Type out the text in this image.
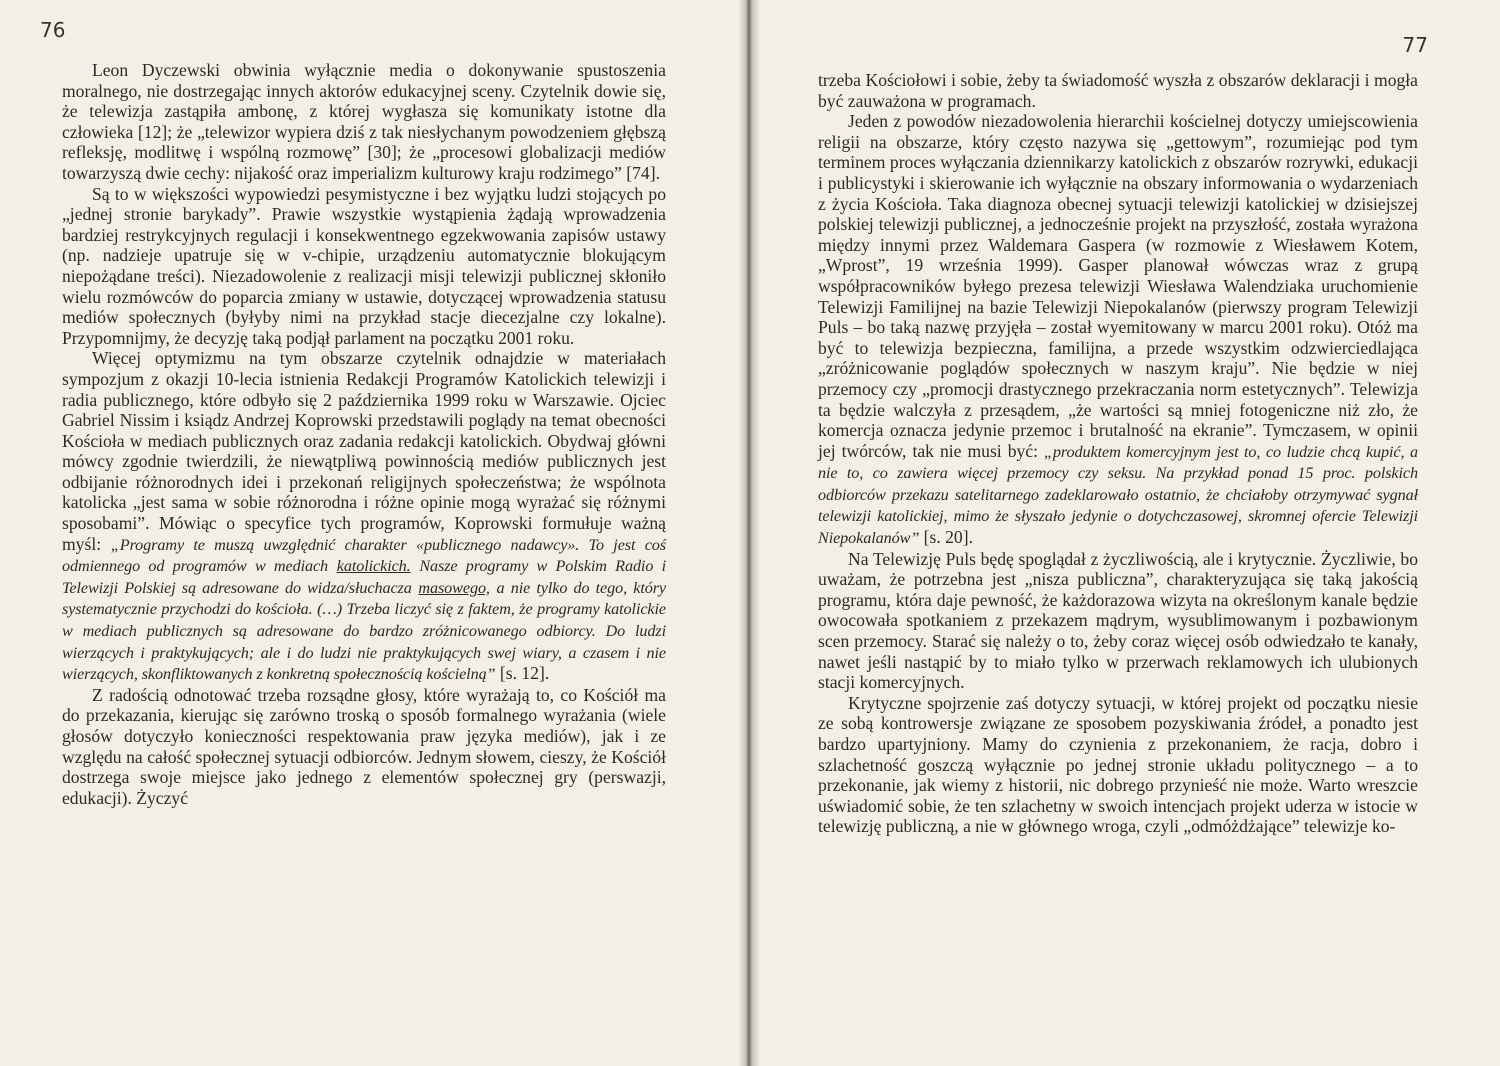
76

Leon Dyczewski obwinia wyłącznie media o dokonywanie spustoszenia moralnego, nie dostrzegając innych aktorów edukacyjnej sceny. Czytelnik dowie się, że telewizja zastąpiła ambonę, z której wygłasza się komunikaty istotne dla człowieka [12]; że „telewizor wypiera dziś z tak niesłychanym powodzeniem głębszą refleksję, modlitwę i wspólną rozmowę” [30]; że „procesowi globalizacji mediów towarzyszą dwie cechy: nijakość oraz imperializm kulturowy kraju rodzimego” [74].

Są to w większości wypowiedzi pesymistyczne i bez wyjątku ludzi stojących po „jednej stronie barykady”. Prawie wszystkie wystąpienia żądają wprowadzenia bardziej restrykcyjnych regulacji i konsekwentnego egzekwowania zapisów ustawy (np. nadzieje upatruje się w v-chipie, urządzeniu automatycznie blokującym niepożądane treści). Niezadowolenie z realizacji misji telewizji publicznej skłoniło wielu rozmówców do poparcia zmiany w ustawie, dotyczącej wprowadzenia statusu mediów społecznych (byłyby nimi na przykład stacje diecezjalne czy lokalne). Przypomnijmy, że decyzję taką podjął parlament na początku 2001 roku.

Więcej optymizmu na tym obszarze czytelnik odnajdzie w materiałach sympozjum z okazji 10-lecia istnienia Redakcji Programów Katolickich telewizji i radia publicznego, które odbyło się 2 października 1999 roku w Warszawie. Ojciec Gabriel Nissim i ksiądz Andrzej Koprowski przedstawili poglądy na temat obecności Kościoła w mediach publicznych oraz zadania redakcji katolickich. Obydwaj główni mówcy zgodnie twierdzili, że niewątpliwą powinnością mediów publicznych jest odbijanie różnorodnych idei i przekonań religijnych społeczeństwa; że wspólnota katolicka „jest sama w sobie różnorodna i różne opinie mogą wyrażać się różnymi sposobami”. Mówiąc o specyfice tych programów, Koprowski formułuje ważną myśl: „Programy te muszą uwzględnić charakter «publicznego nadawcy». To jest coś odmiennego od programów w mediach katolickich. Nasze programy w Polskim Radio i Telewizji Polskiej są adresowane do widza/słuchacza masowego, a nie tylko do tego, który systematycznie przychodzi do kościoła. (…) Trzeba liczyć się z faktem, że programy katolickie w mediach publicznych są adresowane do bardzo zróżnicowanego odbiorcy. Do ludzi wierzących i praktykujących; ale i do ludzi nie praktykujących swej wiary, a czasem i nie wierzących, skonfliktowanych z konkretną społecznością kościelną” [s. 12].

Z radością odnotować trzeba rozsądne głosy, które wyrażają to, co Kościół ma do przekazania, kierując się zarówno troską o sposób formalnego wyrażania (wiele głosów dotyczyło konieczności respektowania praw języka mediów), jak i ze względu na całość społecznej sytuacji odbiorców. Jednym słowem, cieszy, że Kościół dostrzega swoje miejsce jako jednego z elementów społecznej gry (perswazji, edukacji). Życzyć

77

trzeba Kościołowi i sobie, żeby ta świadomość wyszła z obszarów deklaracji i mogła być zauważona w programach.

Jeden z powodów niezadowolenia hierarchii kościelnej dotyczy umiejscowienia religii na obszarze, który często nazywa się „gettowym”, rozumiejąc pod tym terminem proces wyłączania dziennikarzy katolickich z obszarów rozrywki, edukacji i publicystyki i skierowanie ich wyłącznie na obszary informowania o wydarzeniach z życia Kościoła. Taka diagnoza obecnej sytuacji telewizji katolickiej w dzisiejszej polskiej telewizji publicznej, a jednocześnie projekt na przyszłość, została wyrażona między innymi przez Waldemara Gaspera (w rozmowie z Wiesławem Kotem, „Wprost”, 19 września 1999). Gasper planował wówczas wraz z grupą współpracowników byłego prezesa telewizji Wiesława Walendziaka uruchomienie Telewizji Familijnej na bazie Telewizji Niepokalanów (pierwszy program Telewizji Puls – bo taką nazwę przyjęła – został wyemitowany w marcu 2001 roku). Otóż ma być to telewizja bezpieczna, familijna, a przede wszystkim odzwierciedlająca „zróżnicowanie poglądów społecznych w naszym kraju”. Nie będzie w niej przemocy czy „promocji drastycznego przekraczania norm estetycznych”. Telewizja ta będzie walczyła z przesądem, „że wartości są mniej fotogeniczne niż zło, że komercja oznacza jedynie przemoc i brutalność na ekranie”. Tymczasem, w opinii jej twórców, tak nie musi być: „produktem komercyjnym jest to, co ludzie chcą kupić, a nie to, co zawiera więcej przemocy czy seksu. Na przykład ponad 15 proc. polskich odbiorców przekazu satelitarnego zadeklarowało ostatnio, że chciałoby otrzymywać sygnał telewizji katolickiej, mimo że słyszało jedynie o dotychczasowej, skromnej ofercie Telewizji Niepokalanów” [s. 20].

Na Telewizję Puls będę spoglądał z życzliwością, ale i krytycznie. Życzliwie, bo uważam, że potrzebna jest „nisza publiczna”, charakteryzująca się taką jakością programu, która daje pewność, że każdorazowa wizyta na określonym kanale będzie owocowała spotkaniem z przekazem mądrym, wysublimowanym i pozbawionym scen przemocy. Starać się należy o to, żeby coraz więcej osób odwiedzało te kanały, nawet jeśli nastąpić by to miało tylko w przerwach reklamowych ich ulubionych stacji komercyjnych.

Krytyczne spojrzenie zaś dotyczy sytuacji, w której projekt od początku niesie ze sobą kontrowersje związane ze sposobem pozyskiwania źródeł, a ponadto jest bardzo upartyjniony. Mamy do czynienia z przekonaniem, że racja, dobro i szlachetność goszczą wyłącznie po jednej stronie układu politycznego – a to przekonanie, jak wiemy z historii, nic dobrego przynieść nie może. Warto wreszcie uświadomić sobie, że ten szlachetny w swoich intencjach projekt uderza w istocie w telewizję publiczną, a nie w głównego wroga, czyli „odmóżdżające” telewizje ko-
